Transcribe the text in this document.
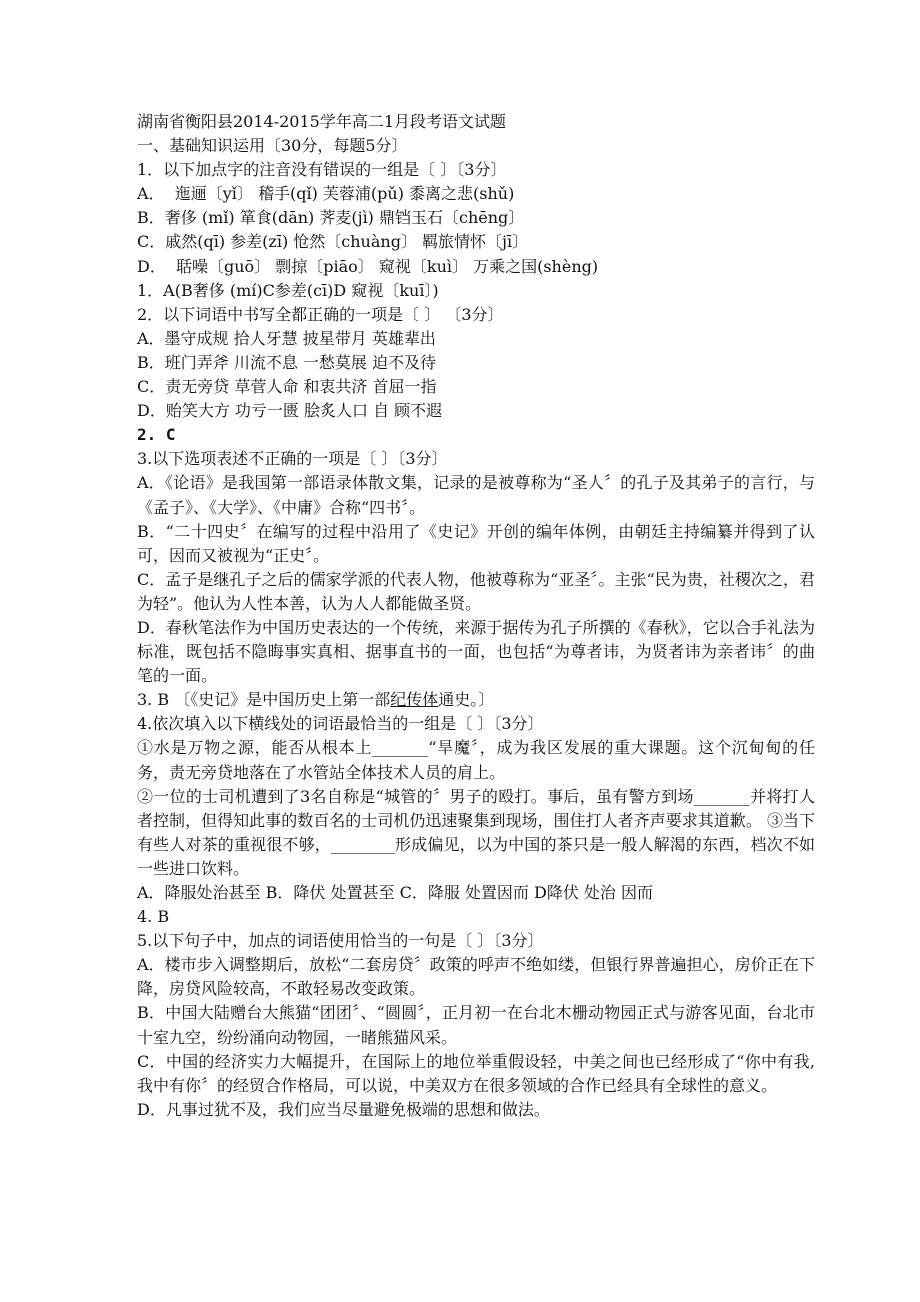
湖南省衡阳县2014-2015学年高二1月段考语文试题

一、基础知识运用〔30分，每题5分〕

1．以下加点字的注音没有错误的一组是〔 〕〔3分〕

A．  迤逦〔yǐ〕 稽手(qǐ) 芙蓉浦(pǔ) 黍离之悲(shǔ)

B．奢侈 (mǐ) 箪食(dān) 荠麦(jì) 鼎铛玉石〔chēng〕

C．戚然(qī) 参差(zī) 怆然〔chuàng〕 羁旅情怀〔jī〕

D．  聒噪〔guō〕 剽掠〔piāo〕 窥视〔kuì〕 万乘之国(shèng)

1．A(B奢侈 (mí)C参差(cī)D 窥视〔kuī〕)

2．以下词语中书写全都正确的一项是〔 〕 〔3分〕

A．墨守成规 拾人牙慧 披星带月 英雄辈出

B．班门弄斧 川流不息 一愁莫展 迫不及待

C．责无旁贷 草菅人命 和衷共济 首屈一指

D．贻笑大方 功亏一匮 脍炙人口 自 顾不遐

2. C

3.以下选项表述不正确的一项是〔 〕〔3分〕

A．《论语》是我国第一部语录体散文集，记录的是被尊称为“圣人〞的孔子及其弟子的言行，与《孟子》、《大学》、《中庸》合称“四书〞。

B．“二十四史〞在编写的过程中沿用了《史记》开创的编年体例，由朝廷主持编纂并得到了认可，因而又被视为“正史〞。

C．孟子是继孔子之后的儒家学派的代表人物，他被尊称为“亚圣〞。主张“民为贵，社稷次之，君为轻”。他认为人性本善，认为人人都能做圣贤。

D．春秋笔法作为中国历史表达的一个传统，来源于据传为孔子所撰的《春秋》，它以合手礼法为标准，既包括不隐晦事实真相、据事直书的一面，也包括“为尊者讳，为贤者讳为亲者讳〞的曲笔的一面。

3. B 〔《史记》是中国历史上第一部纪传体通史。〕

4.依次填入以下横线处的词语最恰当的一组是〔 〕〔3分〕

①水是万物之源，能否从根本上_______“旱魔〞，成为我区发展的重大课题。这个沉甸甸的任务，责无旁贷地落在了水管站全体技术人员的肩上。

②一位的士司机遭到了3名自称是“城管的〞男子的殴打。事后，虽有警方到场_______并将打人者控制，但得知此事的数百名的士司机仍迅速聚集到现场，围住打人者齐声要求其道歉。 ③当下有些人对茶的重视很不够，________形成偏见，以为中国的茶只是一般人解渴的东西，档次不如一些进口饮料。

A．降服处治甚至 B．降伏 处置甚至 C．降服 处置因而 D降伏 处治 因而

4. B

5.以下句子中，加点的词语使用恰当的一句是〔 〕〔3分〕

A．楼市步入调整期后，放松“二套房贷〞政策的呼声不绝如缕，但银行界普遍担心，房价正在下降，房贷风险较高，不敢轻易改变政策。

B．中国大陆赠台大熊猫“团团〞、“圆圆〞，正月初一在台北木栅动物园正式与游客见面，台北市十室九空，纷纷涌向动物园，一睹熊猫风采。

C．中国的经济实力大幅提升，在国际上的地位举重假设轻，中美之间也已经形成了“你中有我,我中有你〞的经贸合作格局，可以说，中美双方在很多领域的合作已经具有全球性的意义。

D．凡事过犹不及，我们应当尽量避免极端的思想和做法。
